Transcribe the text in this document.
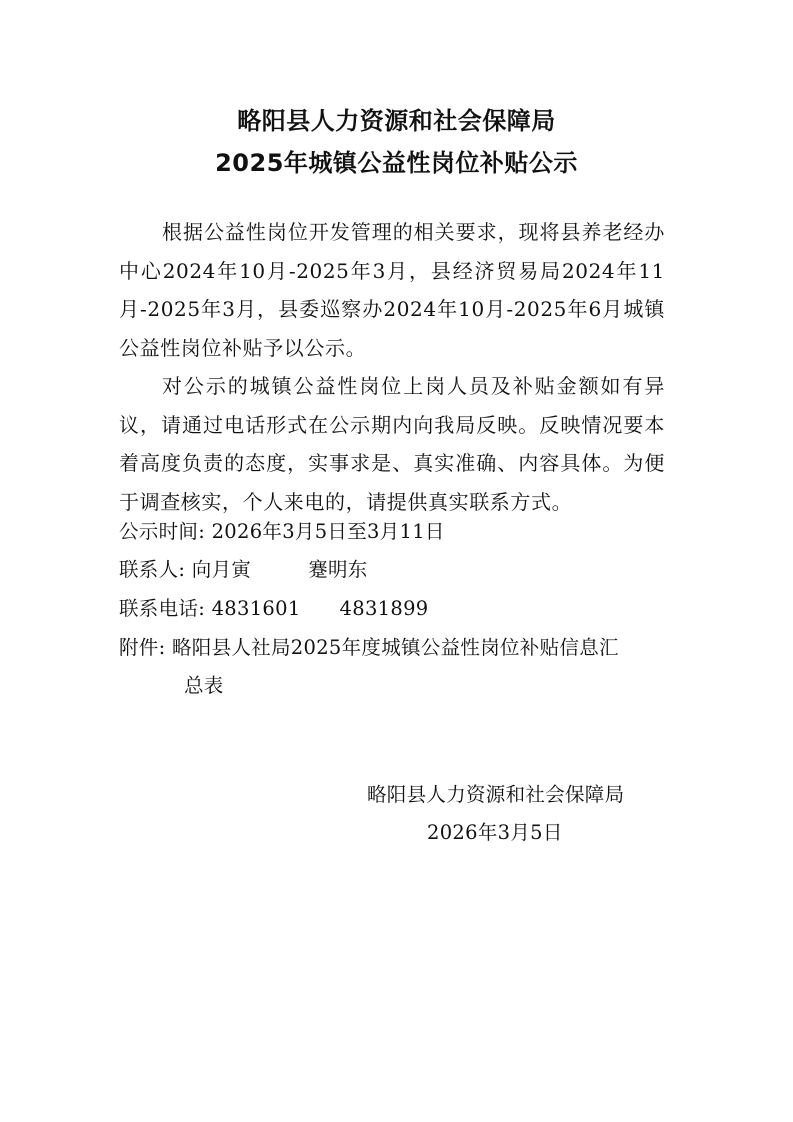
略阳县人力资源和社会保障局
2025年城镇公益性岗位补贴公示
根据公益性岗位开发管理的相关要求，现将县养老经办中心2024年10月-2025年3月，县经济贸易局2024年11月-2025年3月，县委巡察办2024年10月-2025年6月城镇公益性岗位补贴予以公示。
对公示的城镇公益性岗位上岗人员及补贴金额如有异议，请通过电话形式在公示期内向我局反映。反映情况要本着高度负责的态度，实事求是、真实准确、内容具体。为便于调查核实，个人来电的，请提供真实联系方式。
公示时间: 2026年3月5日至3月11日
联系人: 向月寅	蹇明东
联系电话: 4831601 4831899
附件: 略阳县人社局2025年度城镇公益性岗位补贴信息汇
总表
略阳县人力资源和社会保障局
2026年3月5日
